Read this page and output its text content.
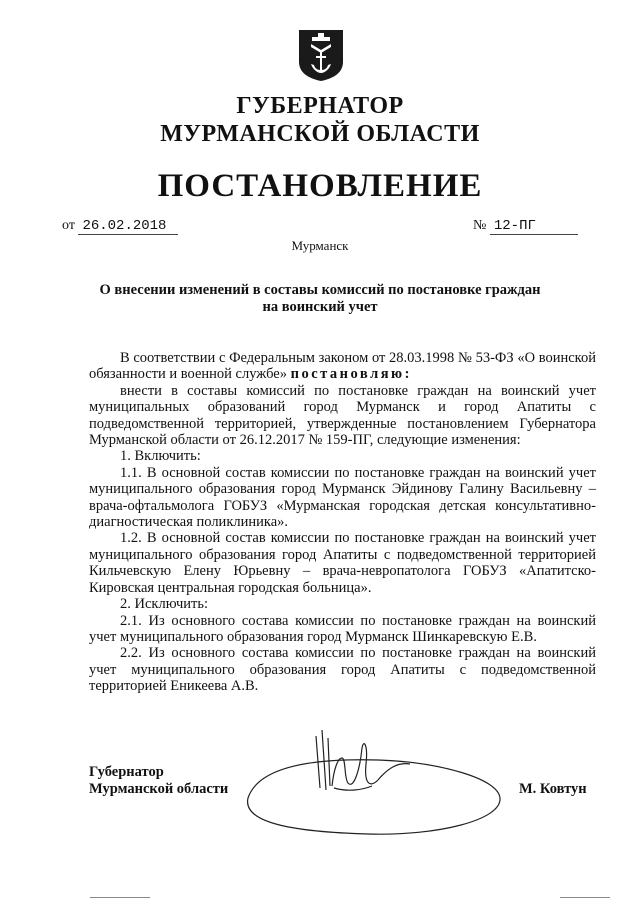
ГУБЕРНАТОР
МУРМАНСКОЙ ОБЛАСТИ
ПОСТАНОВЛЕНИЕ
от 26.02.2018	№ 12-ПГ
Мурманск
О внесении изменений в составы комиссий по постановке граждан
на воинский учет

В соответствии с Федеральным законом от 28.03.1998 № 53-ФЗ «О воинской обязанности и военной службе» постановляю:

внести в составы комиссий по постановке граждан на воинский учет муниципальных образований город Мурманск и город Апатиты с подведомственной территорией, утвержденные постановлением Губернатора Мурманской области от 26.12.2017 № 159-ПГ, следующие изменения:

1. Включить:

1.1. В основной состав комиссии по постановке граждан на воинский учет муниципального образования город Мурманск Эйдинову Галину Васильевну – врача-офтальмолога ГОБУЗ «Мурманская городская детская консультативно-диагностическая поликлиника».

1.2. В основной состав комиссии по постановке граждан на воинский учет муниципального образования город Апатиты с подведомственной территорией Кильчевскую Елену Юрьевну – врача-невропатолога ГОБУЗ «Апатитско-Кировская центральная городская больница».

2. Исключить:

2.1. Из основного состава комиссии по постановке граждан на воинский учет муниципального образования город Мурманск Шинкаревскую Е.В.

2.2. Из основного состава комиссии по постановке граждан на воинский учет муниципального образования город Апатиты с подведомственной территорией Еникеева А.В.

Губернатор
Мурманской области	М. Ковтун
